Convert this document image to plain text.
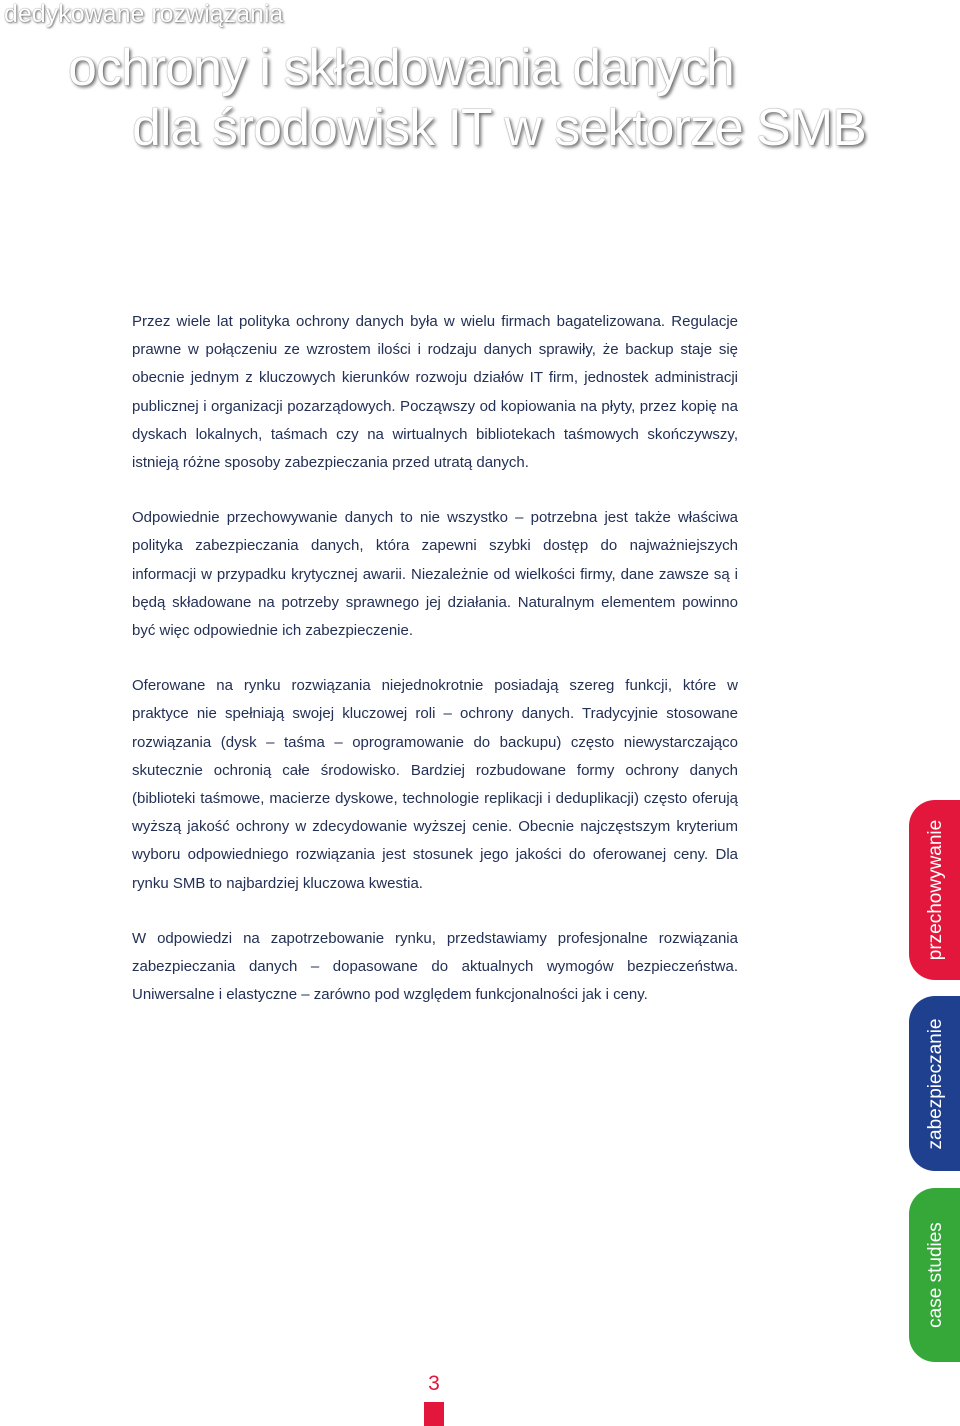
dedykowane rozwiązania
ochrony i składowania danych
dla środowisk IT w sektorze SMB

Przez wiele lat polityka ochrony danych była w wielu firmach bagatelizowana. Regulacje prawne w połączeniu ze wzrostem ilości i rodzaju danych sprawiły, że backup staje się obecnie jednym z kluczowych kierunków rozwoju działów IT firm, jednostek administracji publicznej i organizacji pozarządowych. Począwszy od kopiowania na płyty, przez kopię na dyskach lokalnych, taśmach czy na wirtualnych bibliotekach taśmowych skończywszy, istnieją różne sposoby zabezpieczania przed utratą danych.

Odpowiednie przechowywanie danych to nie wszystko – potrzebna jest także właściwa polityka zabezpieczania danych, która zapewni szybki dostęp do najważniejszych informacji w przypadku krytycznej awarii. Niezależnie od wielkości firmy, dane zawsze są i będą składowane na potrzeby sprawnego jej działania. Naturalnym elementem powinno być więc odpowiednie ich zabezpieczenie.

Oferowane na rynku rozwiązania niejednokrotnie posiadają szereg funkcji, które w praktyce nie spełniają swojej kluczowej roli – ochrony danych. Tradycyjnie stosowane rozwiązania (dysk – taśma – oprogramowanie do backupu) często niewystarczająco skutecznie ochronią całe środowisko. Bardziej rozbudowane formy ochrony danych (biblioteki taśmowe, macierze dyskowe, technologie replikacji i deduplikacji) często oferują wyższą jakość ochrony w zdecydowanie wyższej cenie. Obecnie najczęstszym kryterium wyboru odpowiedniego rozwiązania jest stosunek jego jakości do oferowanej ceny. Dla rynku SMB to najbardziej kluczowa kwestia.

W odpowiedzi na zapotrzebowanie rynku, przedstawiamy profesjonalne rozwiązania zabezpieczania danych – dopasowane do aktualnych wymogów bezpieczeństwa. Uniwersalne i elastyczne – zarówno pod względem funkcjonalności jak i ceny.

przechowywanie
zabezpieczanie
case studies
3
